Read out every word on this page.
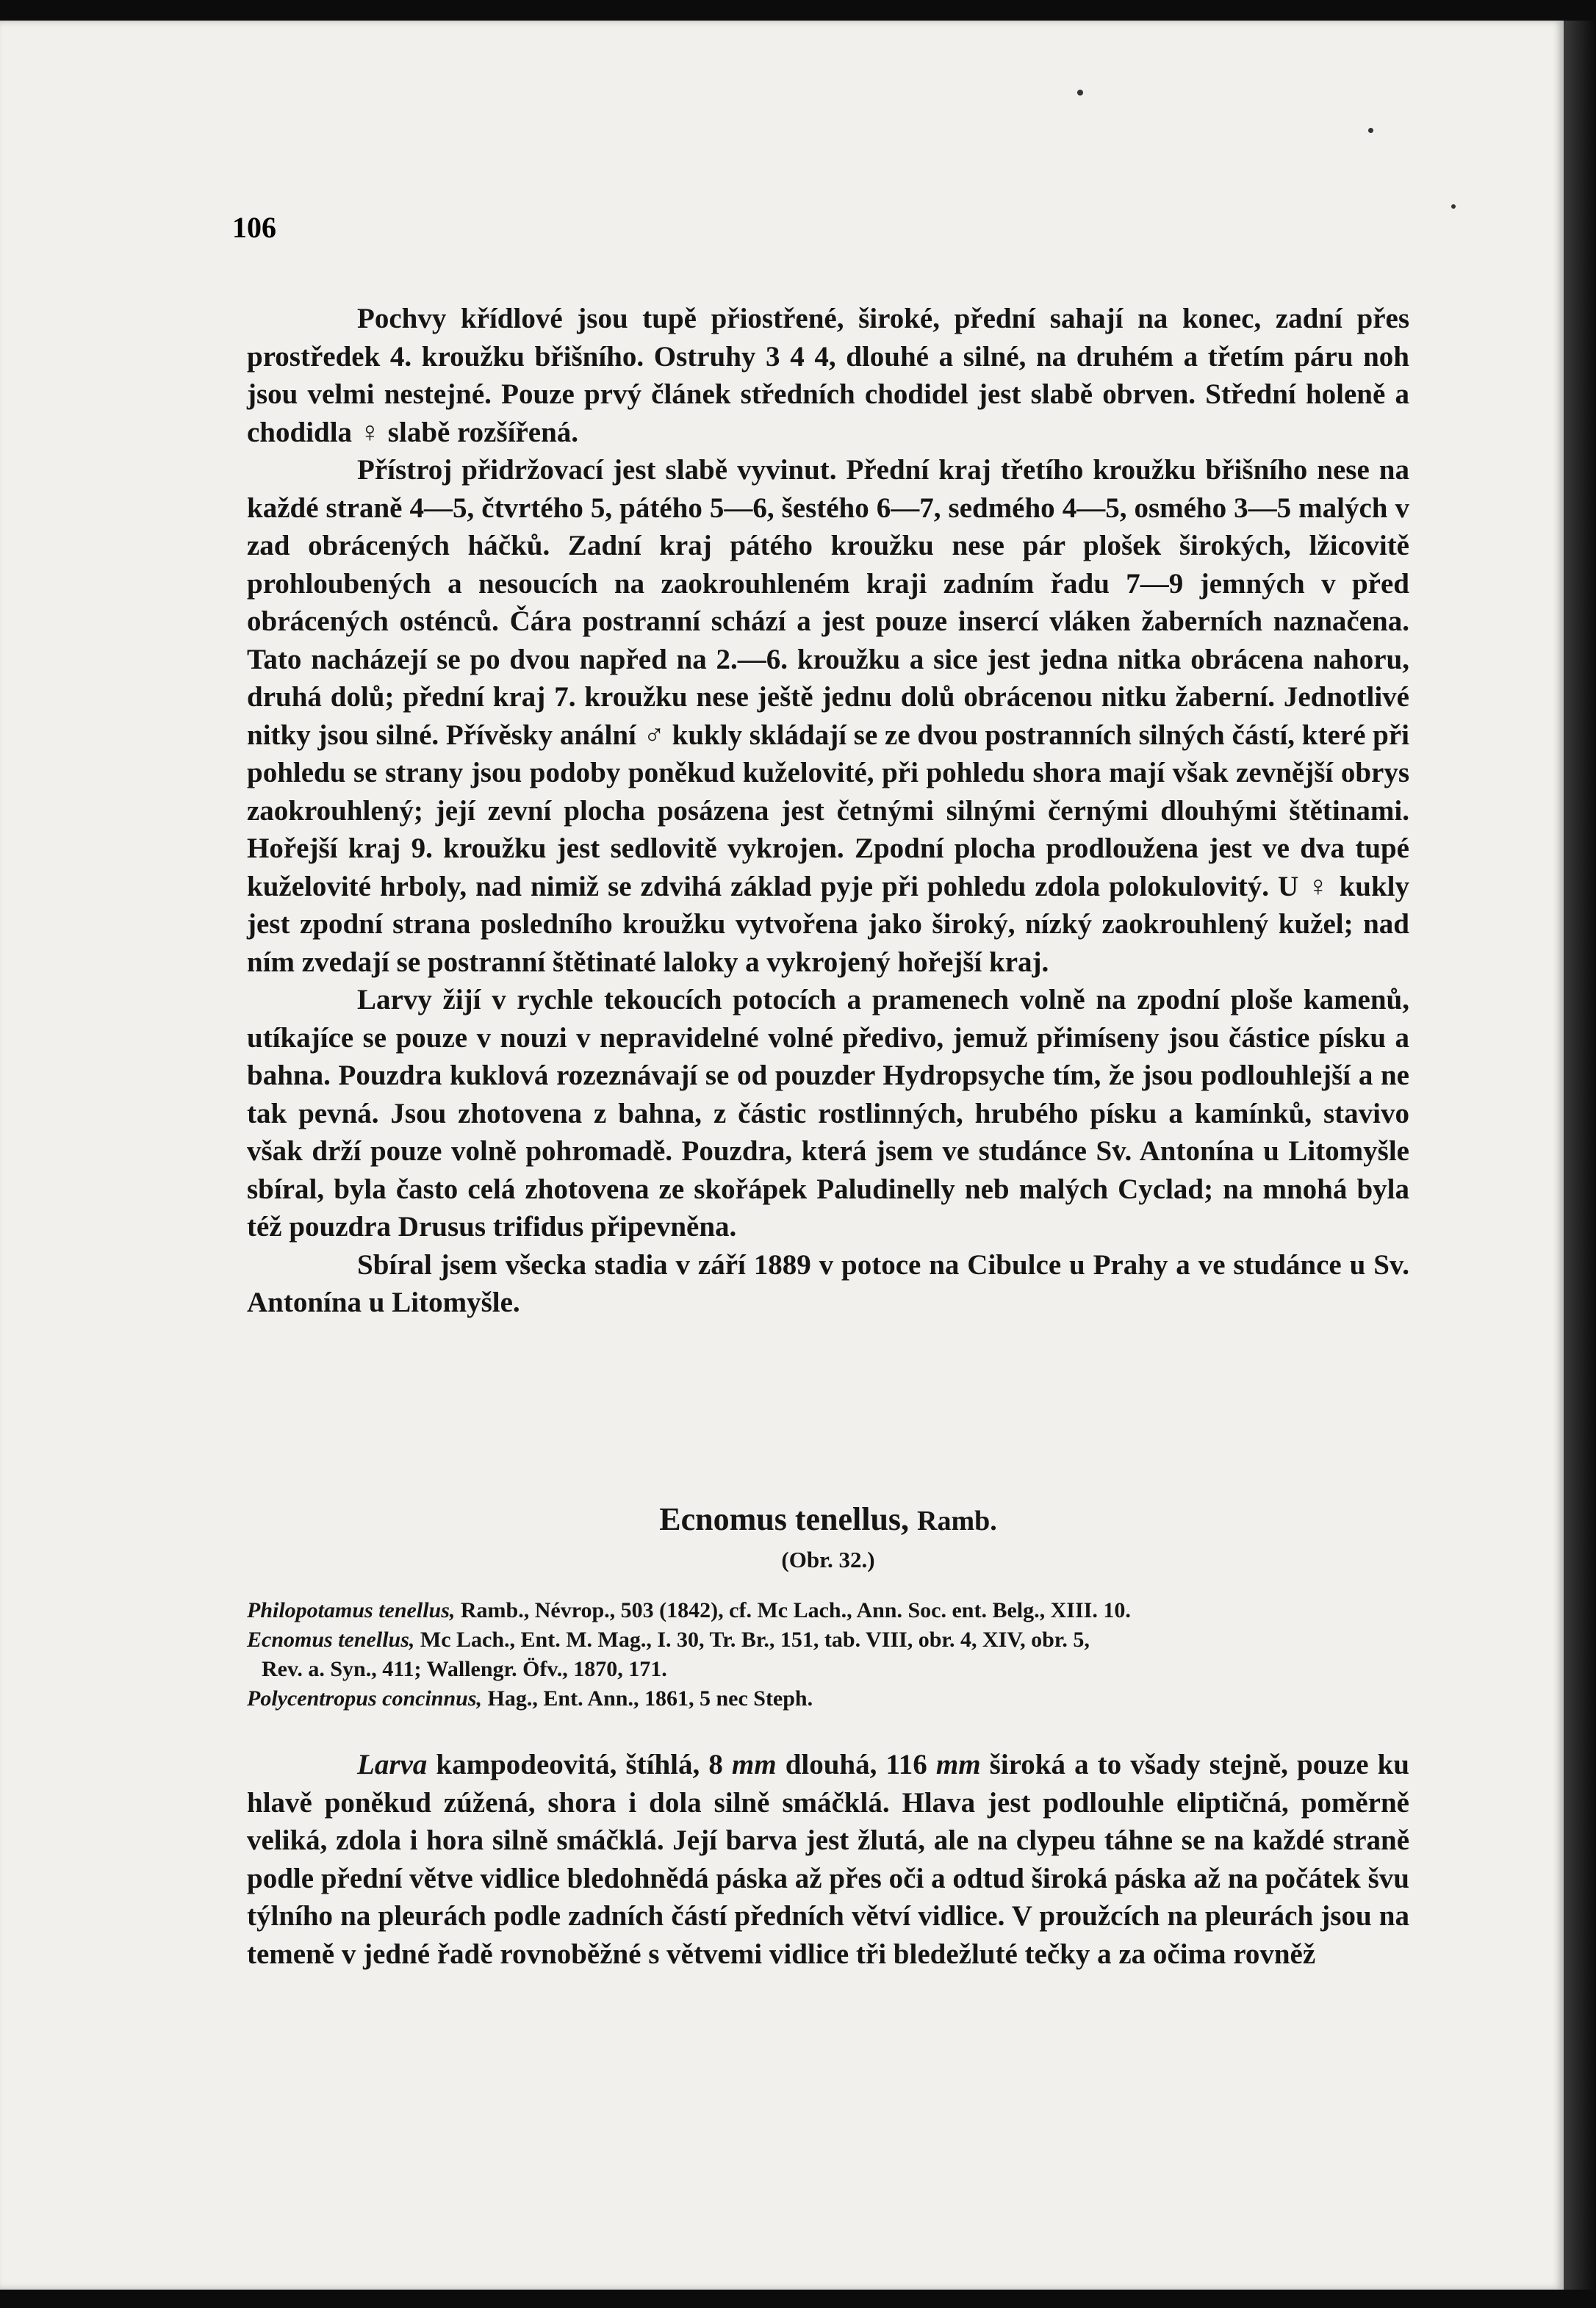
106

Pochvy křídlové jsou tupě přiostřené, široké, přední sahají na konec, zadní přes prostředek 4. kroužku břišního. Ostruhy 3 4 4, dlouhé a silné, na druhém a třetím páru noh jsou velmi nestejné. Pouze prvý článek středních chodidel jest slabě obrven. Střední holeně a chodidla ♀ slabě rozšířená.

Přístroj přidržovací jest slabě vyvinut. Přední kraj třetího kroužku břišního nese na každé straně 4—5, čtvrtého 5, pátého 5—6, šestého 6—7, sedmého 4—5, osmého 3—5 malých v zad obrácených háčků. Zadní kraj pátého kroužku nese pár plošek širokých, lžicovitě prohloubených a nesoucích na zaokrouhleném kraji zadním řadu 7—9 jemných v před obrácených osténců. Čára postranní schází a jest pouze insercí vláken žaberních naznačena. Tato nacházejí se po dvou napřed na 2.—6. kroužku a sice jest jedna nitka obrácena nahoru, druhá dolů; přední kraj 7. kroužku nese ještě jednu dolů obrácenou nitku žaberní. Jednotlivé nitky jsou silné. Přívěsky anální ♂ kukly skládají se ze dvou postranních silných částí, které při pohledu se strany jsou podoby poněkud kuželovité, při pohledu shora mají však zevnější obrys zaokrouhlený; její zevní plocha posázena jest četnými silnými černými dlouhými štětinami. Hořejší kraj 9. kroužku jest sedlovitě vykrojen. Zpodní plocha prodloužena jest ve dva tupé kuželovité hrboly, nad nimiž se zdvihá základ pyje při pohledu zdola polokulovitý. U ♀ kukly jest zpodní strana posledního kroužku vytvořena jako široký, nízký zaokrouhlený kužel; nad ním zvedají se postranní štětinaté laloky a vykrojený hořejší kraj.

Larvy žijí v rychle tekoucích potocích a pramenech volně na zpodní ploše kamenů, utíkajíce se pouze v nouzi v nepravidelné volné předivo, jemuž přimíseny jsou částice písku a bahna. Pouzdra kuklová rozeznávají se od pouzder Hydropsyche tím, že jsou podlouhlejší a ne tak pevná. Jsou zhotovena z bahna, z částic rostlinných, hrubého písku a kamínků, stavivo však drží pouze volně pohromadě. Pouzdra, která jsem ve studánce Sv. Antonína u Litomyšle sbíral, byla často celá zhotovena ze skořápek Paludinelly neb malých Cyclad; na mnohá byla též pouzdra Drusus trifidus připevněna.

Sbíral jsem všecka stadia v září 1889 v potoce na Cibulce u Prahy a ve studánce u Sv. Antonína u Litomyšle.

Ecnomus tenellus, Ramb.
(Obr. 32.)

Philopotamus tenellus, Ramb., Névrop., 503 (1842), cf. Mc Lach., Ann. Soc. ent. Belg., XIII. 10.

Ecnomus tenellus, Mc Lach., Ent. M. Mag., I. 30, Tr. Br., 151, tab. VIII, obr. 4, XIV, obr. 5,
Rev. a. Syn., 411; Wallengr. Öfv., 1870, 171.

Polycentropus concinnus, Hag., Ent. Ann., 1861, 5 nec Steph.

Larva kampodeovitá, štíhlá, 8 mm dlouhá, 116 mm široká a to všady stejně, pouze ku hlavě poněkud zúžená, shora i dola silně smáčklá. Hlava jest podlouhle eliptičná, poměrně veliká, zdola i hora silně smáčklá. Její barva jest žlutá, ale na clypeu táhne se na každé straně podle přední větve vidlice bledohnědá páska až přes oči a odtud široká páska až na počátek švu týlního na pleurách podle zadních částí předních větví vidlice. V proužcích na pleurách jsou na temeně v jedné řadě rovnoběžné s větvemi vidlice tři bledežluté tečky a za očima rovněž
